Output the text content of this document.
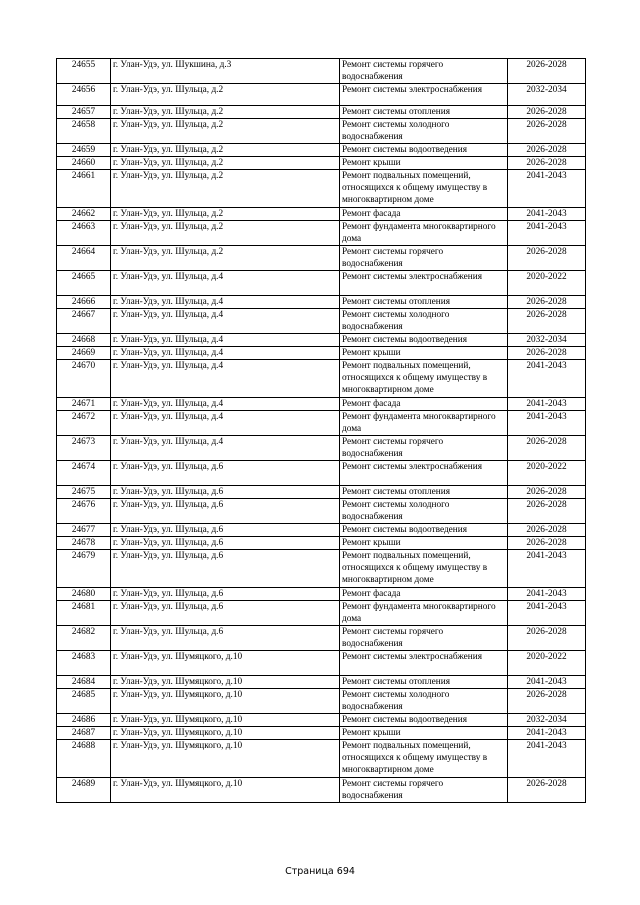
24655	г. Улан-Удэ, ул. Шукшина, д.3	Ремонт системы горячего водоснабжения	2026-2028
24656	г. Улан-Удэ, ул. Шульца, д.2	Ремонт системы электроснабжения	2032-2034
24657	г. Улан-Удэ, ул. Шульца, д.2	Ремонт системы отопления	2026-2028
24658	г. Улан-Удэ, ул. Шульца, д.2	Ремонт системы холодного водоснабжения	2026-2028
24659	г. Улан-Удэ, ул. Шульца, д.2	Ремонт системы водоотведения	2026-2028
24660	г. Улан-Удэ, ул. Шульца, д.2	Ремонт крыши	2026-2028
24661	г. Улан-Удэ, ул. Шульца, д.2	Ремонт подвальных помещений, относящихся к общему имуществу в многоквартирном доме	2041-2043
24662	г. Улан-Удэ, ул. Шульца, д.2	Ремонт фасада	2041-2043
24663	г. Улан-Удэ, ул. Шульца, д.2	Ремонт фундамента многоквартирного дома	2041-2043
24664	г. Улан-Удэ, ул. Шульца, д.2	Ремонт системы горячего водоснабжения	2026-2028
24665	г. Улан-Удэ, ул. Шульца, д.4	Ремонт системы электроснабжения	2020-2022
24666	г. Улан-Удэ, ул. Шульца, д.4	Ремонт системы отопления	2026-2028
24667	г. Улан-Удэ, ул. Шульца, д.4	Ремонт системы холодного водоснабжения	2026-2028
24668	г. Улан-Удэ, ул. Шульца, д.4	Ремонт системы водоотведения	2032-2034
24669	г. Улан-Удэ, ул. Шульца, д.4	Ремонт крыши	2026-2028
24670	г. Улан-Удэ, ул. Шульца, д.4	Ремонт подвальных помещений, относящихся к общему имуществу в многоквартирном доме	2041-2043
24671	г. Улан-Удэ, ул. Шульца, д.4	Ремонт фасада	2041-2043
24672	г. Улан-Удэ, ул. Шульца, д.4	Ремонт фундамента многоквартирного дома	2041-2043
24673	г. Улан-Удэ, ул. Шульца, д.4	Ремонт системы горячего водоснабжения	2026-2028
24674	г. Улан-Удэ, ул. Шульца, д.6	Ремонт системы электроснабжения	2020-2022
24675	г. Улан-Удэ, ул. Шульца, д.6	Ремонт системы отопления	2026-2028
24676	г. Улан-Удэ, ул. Шульца, д.6	Ремонт системы холодного водоснабжения	2026-2028
24677	г. Улан-Удэ, ул. Шульца, д.6	Ремонт системы водоотведения	2026-2028
24678	г. Улан-Удэ, ул. Шульца, д.6	Ремонт крыши	2026-2028
24679	г. Улан-Удэ, ул. Шульца, д.6	Ремонт подвальных помещений, относящихся к общему имуществу в многоквартирном доме	2041-2043
24680	г. Улан-Удэ, ул. Шульца, д.6	Ремонт фасада	2041-2043
24681	г. Улан-Удэ, ул. Шульца, д.6	Ремонт фундамента многоквартирного дома	2041-2043
24682	г. Улан-Удэ, ул. Шульца, д.6	Ремонт системы горячего водоснабжения	2026-2028
24683	г. Улан-Удэ, ул. Шумяцкого, д.10	Ремонт системы электроснабжения	2020-2022
24684	г. Улан-Удэ, ул. Шумяцкого, д.10	Ремонт системы отопления	2041-2043
24685	г. Улан-Удэ, ул. Шумяцкого, д.10	Ремонт системы холодного водоснабжения	2026-2028
24686	г. Улан-Удэ, ул. Шумяцкого, д.10	Ремонт системы водоотведения	2032-2034
24687	г. Улан-Удэ, ул. Шумяцкого, д.10	Ремонт крыши	2041-2043
24688	г. Улан-Удэ, ул. Шумяцкого, д.10	Ремонт подвальных помещений, относящихся к общему имуществу в многоквартирном доме	2041-2043
24689	г. Улан-Удэ, ул. Шумяцкого, д.10	Ремонт системы горячего водоснабжения	2026-2028
Страница 694
